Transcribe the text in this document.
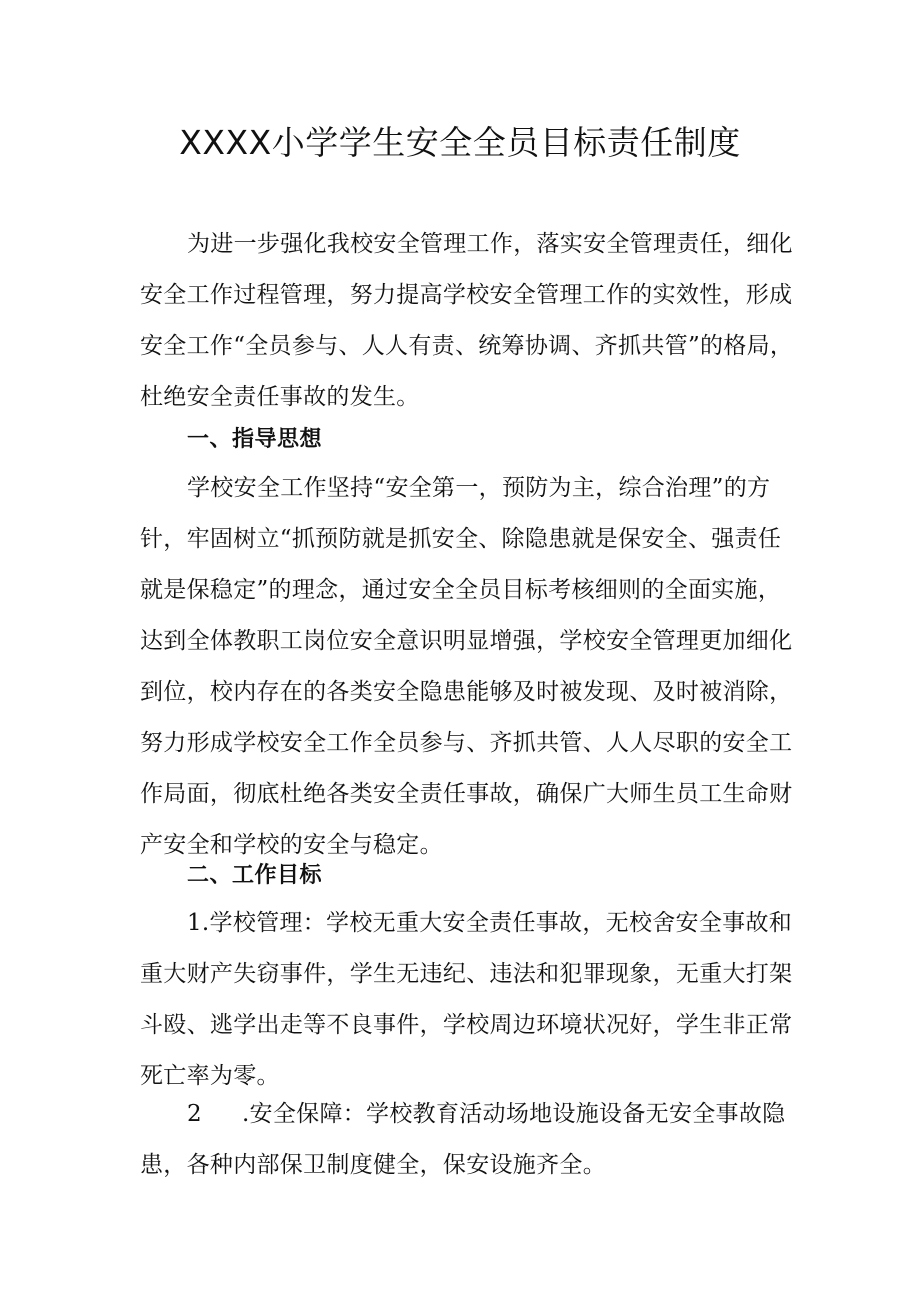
XXXX小学学生安全全员目标责任制度
为进一步强化我校安全管理工作，落实安全管理责任，细化
安全工作过程管理，努力提高学校安全管理工作的实效性，形成
安全工作“全员参与、人人有责、统筹协调、齐抓共管”的格局，
杜绝安全责任事故的发生。
一、指导思想
学校安全工作坚持“安全第一，预防为主，综合治理”的方
针，牢固树立“抓预防就是抓安全、除隐患就是保安全、强责任
就是保稳定”的理念，通过安全全员目标考核细则的全面实施，
达到全体教职工岗位安全意识明显增强，学校安全管理更加细化
到位，校内存在的各类安全隐患能够及时被发现、及时被消除，
努力形成学校安全工作全员参与、齐抓共管、人人尽职的安全工
作局面，彻底杜绝各类安全责任事故，确保广大师生员工生命财
产安全和学校的安全与稳定。
二、工作目标
1.学校管理：学校无重大安全责任事故，无校舍安全事故和
重大财产失窃事件，学生无违纪、违法和犯罪现象，无重大打架
斗殴、逃学出走等不良事件，学校周边环境状况好，学生非正常
死亡率为零。
2 .安全保障：学校教育活动场地设施设备无安全事故隐
患，各种内部保卫制度健全，保安设施齐全。
